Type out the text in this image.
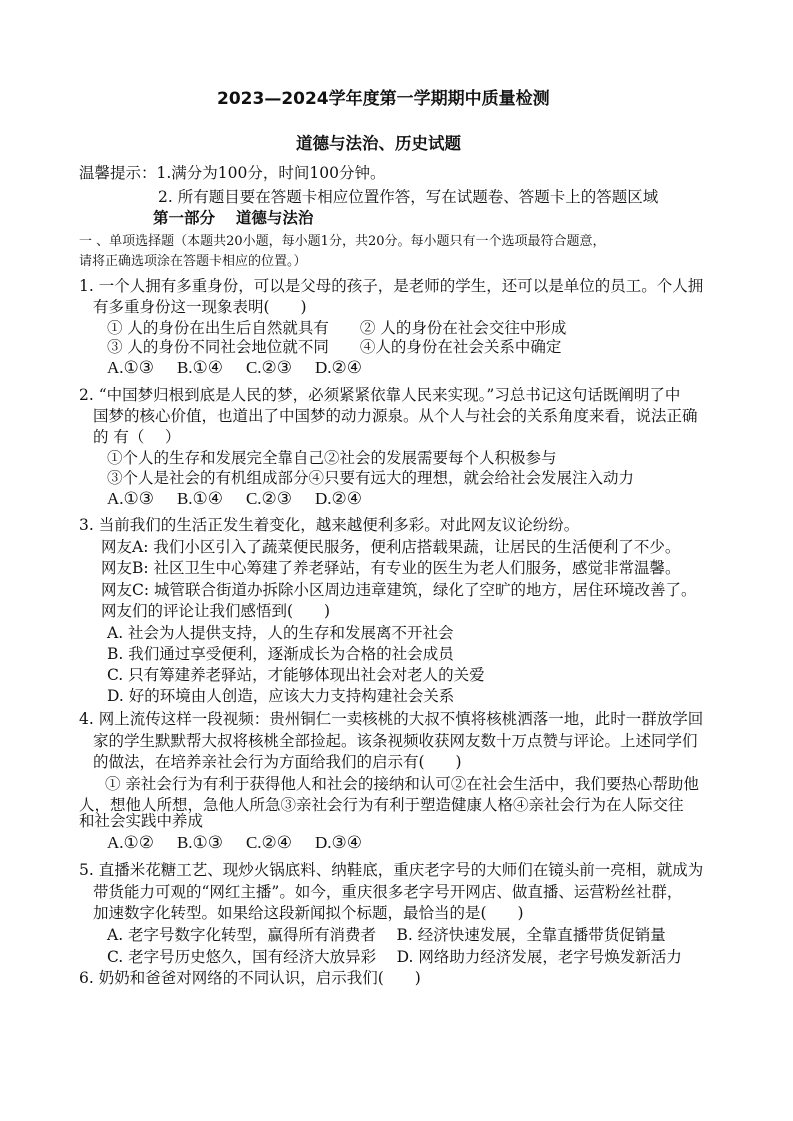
2023—2024学年度第一学期期中质量检测
道德与法治、历史试题
温馨提示：1.满分为100分，时间100分钟。
2. 所有题目要在答题卡相应位置作答，写在试题卷、答题卡上的答题区域
第一部分　 道德与法治
一 、单项选择题（本题共20小题，每小题1分，共20分。每小题只有一个选项最符合题意，
请将正确选项涂在答题卡相应的位置。）
1. 一个人拥有多重身份，可以是父母的孩子，是老师的学生，还可以是单位的员工。个人拥
有多重身份这一现象表明(　　)
① 人的身份在出生后自然就具有　　② 人的身份在社会交往中形成
③ 人的身份不同社会地位就不同　　④人的身份在社会关系中确定
A.①③ B.①④ C.②③ D.②④
2. “中国梦归根到底是人民的梦，必须紧紧依靠人民来实现。”习总书记这句话既阐明了中
国梦的核心价值，也道出了中国梦的动力源泉。从个人与社会的关系角度来看，说法正确
的 有（　 ）
①个人的生存和发展完全靠自己②社会的发展需要每个人积极参与
③个人是社会的有机组成部分④只要有远大的理想，就会给社会发展注入动力
A.①③ B.①④ C.②③ D.②④
3. 当前我们的生活正发生着变化，越来越便利多彩。对此网友议论纷纷。
网友A: 我们小区引入了蔬菜便民服务，便利店搭载果蔬，让居民的生活便利了不少。
网友B: 社区卫生中心筹建了养老驿站，有专业的医生为老人们服务，感觉非常温馨。
网友C: 城管联合街道办拆除小区周边违章建筑，绿化了空旷的地方，居住环境改善了。
网友们的评论让我们感悟到(　　)
A. 社会为人提供支持，人的生存和发展离不开社会
B. 我们通过享受便利，逐渐成长为合格的社会成员
C. 只有筹建养老驿站，才能够体现出社会对老人的关爱
D. 好的环境由人创造，应该大力支持构建社会关系
4. 网上流传这样一段视频：贵州铜仁一卖核桃的大叔不慎将核桃洒落一地，此时一群放学回
家的学生默默帮大叔将核桃全部捡起。该条视频收获网友数十万点赞与评论。上述同学们
的做法，在培养亲社会行为方面给我们的启示有(　　)
① 亲社会行为有利于获得他人和社会的接纳和认可②在社会生活中，我们要热心帮助他
人，想他人所想，急他人所急③亲社会行为有利于塑造健康人格④亲社会行为在人际交往
和社会实践中养成
A.①② B.①③ C.②④ D.③④
5. 直播米花糖工艺、现炒火锅底料、纳鞋底，重庆老字号的大师们在镜头前一亮相，就成为
带货能力可观的“网红主播”。如今，重庆很多老字号开网店、做直播、运营粉丝社群，
加速数字化转型。如果给这段新闻拟个标题，最恰当的是(　　)
A. 老字号数字化转型，赢得所有消费者　 B. 经济快速发展，全靠直播带货促销量
C. 老字号历史悠久，国有经济大放异彩　 D. 网络助力经济发展，老字号焕发新活力
6. 奶奶和爸爸对网络的不同认识，启示我们(　　)
